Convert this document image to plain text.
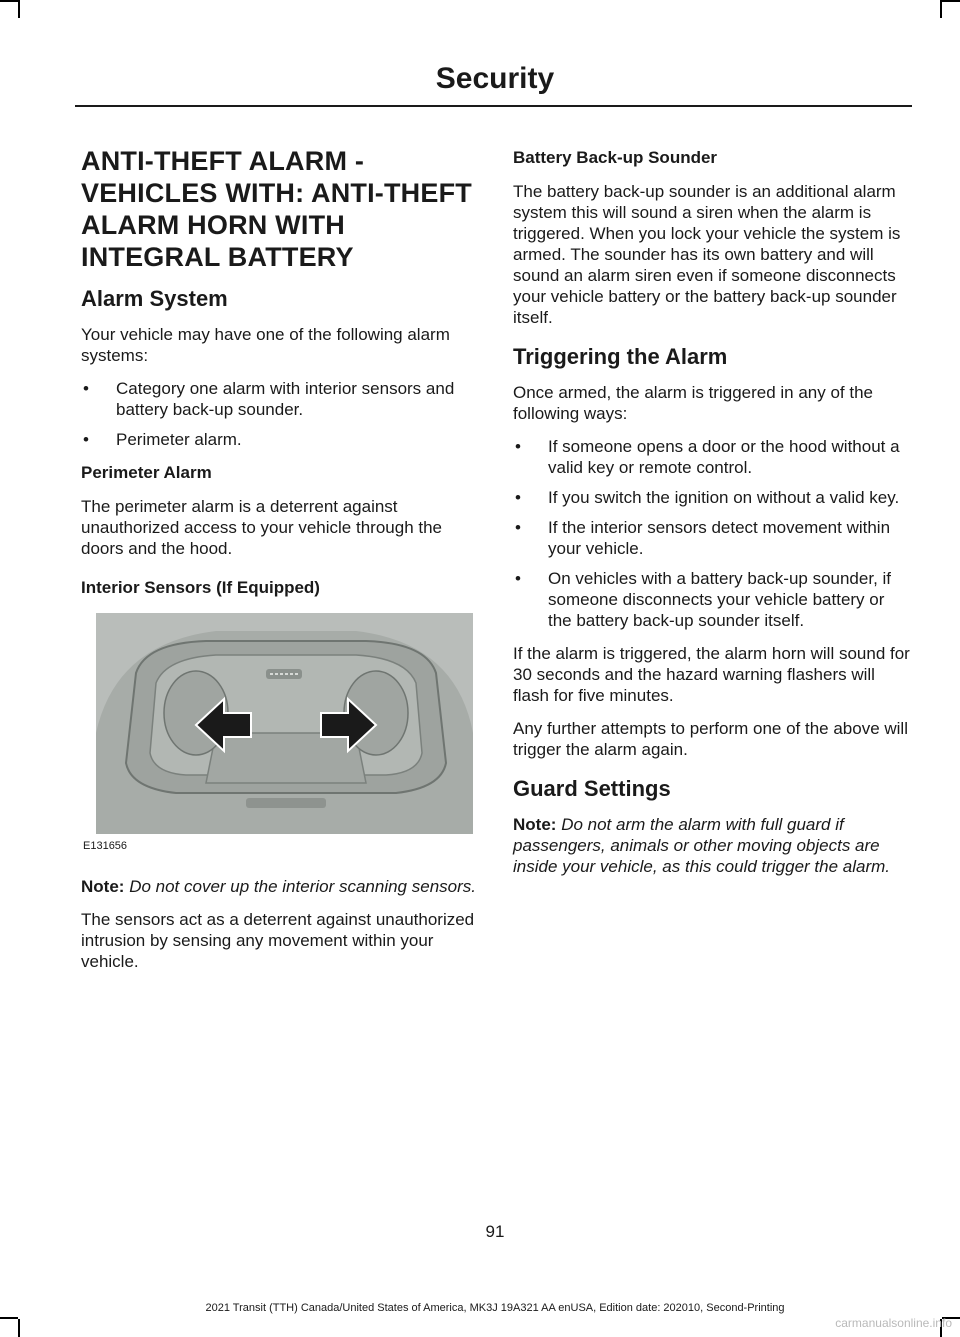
Security
ANTI-THEFT ALARM - VEHICLES WITH: ANTI-THEFT ALARM HORN WITH INTEGRAL BATTERY
Alarm System

Your vehicle may have one of the following alarm systems:

• Category one alarm with interior sensors and battery back-up sounder.
• Perimeter alarm.
Perimeter Alarm

The perimeter alarm is a deterrent against unauthorized access to your vehicle through the doors and the hood.

Interior Sensors (If Equipped)
E131656

Note: Do not cover up the interior scanning sensors.

The sensors act as a deterrent against unauthorized intrusion by sensing any movement within your vehicle.

Battery Back-up Sounder

The battery back-up sounder is an additional alarm system this will sound a siren when the alarm is triggered. When you lock your vehicle the system is armed. The sounder has its own battery and will sound an alarm siren even if someone disconnects your vehicle battery or the battery back-up sounder itself.

Triggering the Alarm

Once armed, the alarm is triggered in any of the following ways:

• If someone opens a door or the hood without a valid key or remote control.
• If you switch the ignition on without a valid key.
• If the interior sensors detect movement within your vehicle.
• On vehicles with a battery back-up sounder, if someone disconnects your vehicle battery or the battery back-up sounder itself.

If the alarm is triggered, the alarm horn will sound for 30 seconds and the hazard warning flashers will flash for five minutes.

Any further attempts to perform one of the above will trigger the alarm again.

Guard Settings

Note: Do not arm the alarm with full guard if passengers, animals or other moving objects are inside your vehicle, as this could trigger the alarm.

91
2021 Transit (TTH) Canada/United States of America, MK3J 19A321 AA enUSA, Edition date: 202010, Second-Printing
carmanualsonline.info
